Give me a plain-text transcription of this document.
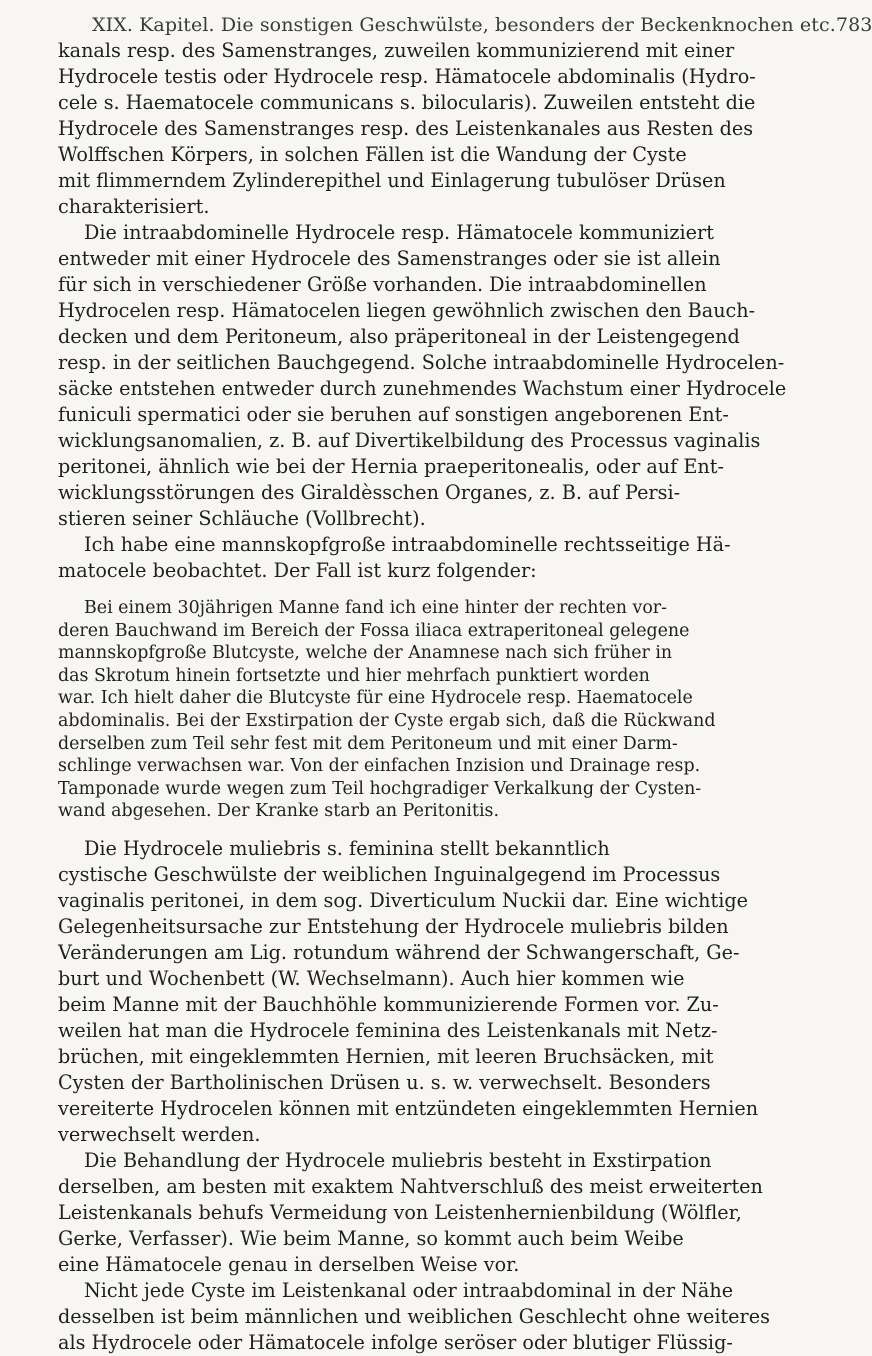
XIX. Kapitel. Die sonstigen Geschwülste, besonders der Beckenknochen etc. 783
kanals resp. des Samenstranges, zuweilen kommunizierend mit einer
Hydrocele testis oder Hydrocele resp. Hämatocele abdominalis (Hydro-
cele s. Haematocele communicans s. bilocularis). Zuweilen entsteht die
Hydrocele des Samenstranges resp. des Leistenkanales aus Resten des
Wolffschen Körpers, in solchen Fällen ist die Wandung der Cyste
mit flimmerndem Zylinderepithel und Einlagerung tubulöser Drüsen
charakterisiert.
Die intraabdominelle Hydrocele resp. Hämatocele kommuniziert
entweder mit einer Hydrocele des Samenstranges oder sie ist allein
für sich in verschiedener Größe vorhanden. Die intraabdominellen
Hydrocelen resp. Hämatocelen liegen gewöhnlich zwischen den Bauch-
decken und dem Peritoneum, also präperitoneal in der Leistengegend
resp. in der seitlichen Bauchgegend. Solche intraabdominelle Hydrocelen-
säcke entstehen entweder durch zunehmendes Wachstum einer Hydrocele
funiculi spermatici oder sie beruhen auf sonstigen angeborenen Ent-
wicklungsanomalien, z. B. auf Divertikelbildung des Processus vaginalis
peritonei, ähnlich wie bei der Hernia praeperitonealis, oder auf Ent-
wicklungsstörungen des Giraldèsschen Organes, z. B. auf Persi-
stieren seiner Schläuche (Vollbrecht).
Ich habe eine mannskopfgroße intraabdominelle rechtsseitige Hä-
matocele beobachtet. Der Fall ist kurz folgender:
Bei einem 30jährigen Manne fand ich eine hinter der rechten vor-
deren Bauchwand im Bereich der Fossa iliaca extraperitoneal gelegene
mannskopfgroße Blutcyste, welche der Anamnese nach sich früher in
das Skrotum hinein fortsetzte und hier mehrfach punktiert worden
war. Ich hielt daher die Blutcyste für eine Hydrocele resp. Haematocele
abdominalis. Bei der Exstirpation der Cyste ergab sich, daß die Rückwand
derselben zum Teil sehr fest mit dem Peritoneum und mit einer Darm-
schlinge verwachsen war. Von der einfachen Inzision und Drainage resp.
Tamponade wurde wegen zum Teil hochgradiger Verkalkung der Cysten-
wand abgesehen. Der Kranke starb an Peritonitis.
Die Hydrocele muliebris s. feminina stellt bekanntlich
cystische Geschwülste der weiblichen Inguinalgegend im Processus
vaginalis peritonei, in dem sog. Diverticulum Nuckii dar. Eine wichtige
Gelegenheitsursache zur Entstehung der Hydrocele muliebris bilden
Veränderungen am Lig. rotundum während der Schwangerschaft, Ge-
burt und Wochenbett (W. Wechselmann). Auch hier kommen wie
beim Manne mit der Bauchhöhle kommunizierende Formen vor. Zu-
weilen hat man die Hydrocele feminina des Leistenkanals mit Netz-
brüchen, mit eingeklemmten Hernien, mit leeren Bruchsäcken, mit
Cysten der Bartholinischen Drüsen u. s. w. verwechselt. Besonders
vereiterte Hydrocelen können mit entzündeten eingeklemmten Hernien
verwechselt werden.
Die Behandlung der Hydrocele muliebris besteht in Exstirpation
derselben, am besten mit exaktem Nahtverschluß des meist erweiterten
Leistenkanals behufs Vermeidung von Leistenhernienbildung (Wölfler,
Gerke, Verfasser). Wie beim Manne, so kommt auch beim Weibe
eine Hämatocele genau in derselben Weise vor.
Nicht jede Cyste im Leistenkanal oder intraabdominal in der Nähe
desselben ist beim männlichen und weiblichen Geschlecht ohne weiteres
als Hydrocele oder Hämatocele infolge seröser oder blutiger Flüssig-
